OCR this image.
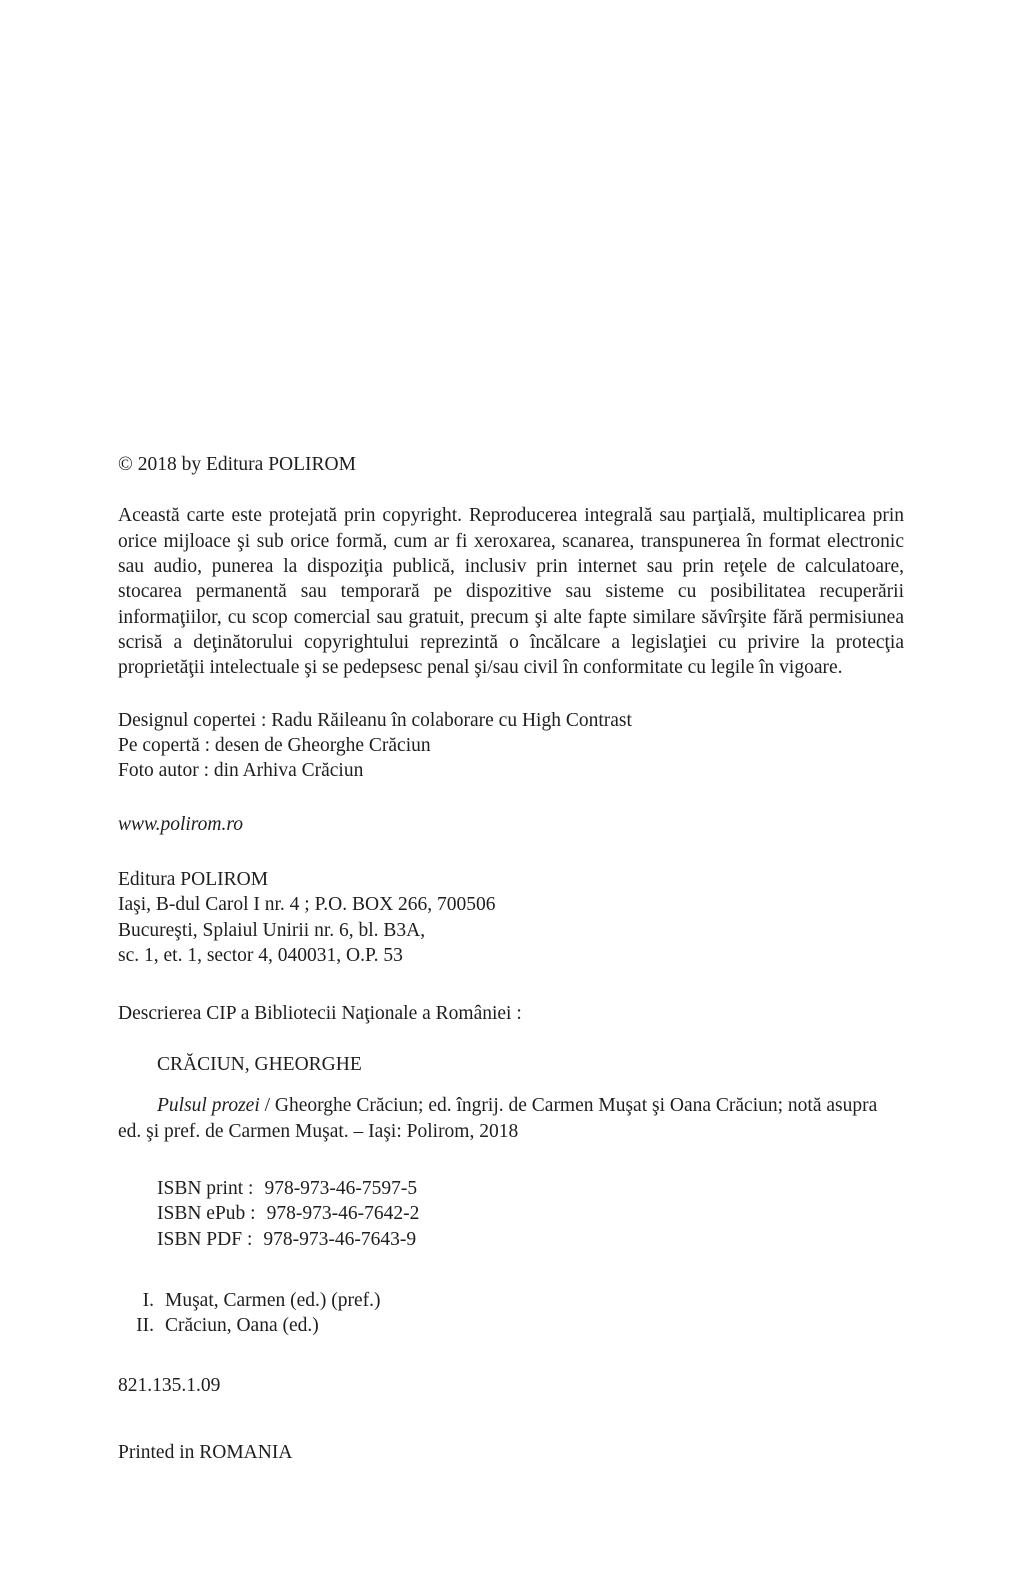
© 2018 by Editura POLIROM
Această carte este protejată prin copyright. Reproducerea integrală sau parţială, multiplicarea prin orice mijloace şi sub orice formă, cum ar fi xeroxarea, scanarea, transpunerea în format electronic sau audio, punerea la dispoziţia publică, inclusiv prin internet sau prin reţele de calculatoare, stocarea permanentă sau temporară pe dispozitive sau sisteme cu posibilitatea recuperării informaţiilor, cu scop comercial sau gratuit, precum şi alte fapte similare săvîrşite fără permisiunea scrisă a deţinătorului copyrightului reprezintă o încălcare a legislaţiei cu privire la protecţia proprietăţii intelectuale şi se pedepsesc penal şi/sau civil în conformitate cu legile în vigoare.
Designul copertei : Radu Răileanu în colaborare cu High Contrast
Pe copertă : desen de Gheorghe Crăciun
Foto autor : din Arhiva Crăciun
www.polirom.ro
Editura POLIROM
Iaşi, B-dul Carol I nr. 4 ; P.O. BOX 266, 700506
Bucureşti, Splaiul Unirii nr. 6, bl. B3A,
sc. 1, et. 1, sector 4, 040031, O.P. 53
Descrierea CIP a Bibliotecii Naţionale a României :
CRĂCIUN, GHEORGHE
Pulsul prozei / Gheorghe Crăciun; ed. îngrij. de Carmen Muşat şi Oana Crăciun; notă asupra ed. şi pref. de Carmen Muşat. – Iaşi: Polirom, 2018
ISBN print : 978-973-46-7597-5
ISBN ePub : 978-973-46-7642-2
ISBN PDF : 978-973-46-7643-9
I. Muşat, Carmen (ed.) (pref.)
II. Crăciun, Oana (ed.)
821.135.1.09
Printed in ROMANIA
